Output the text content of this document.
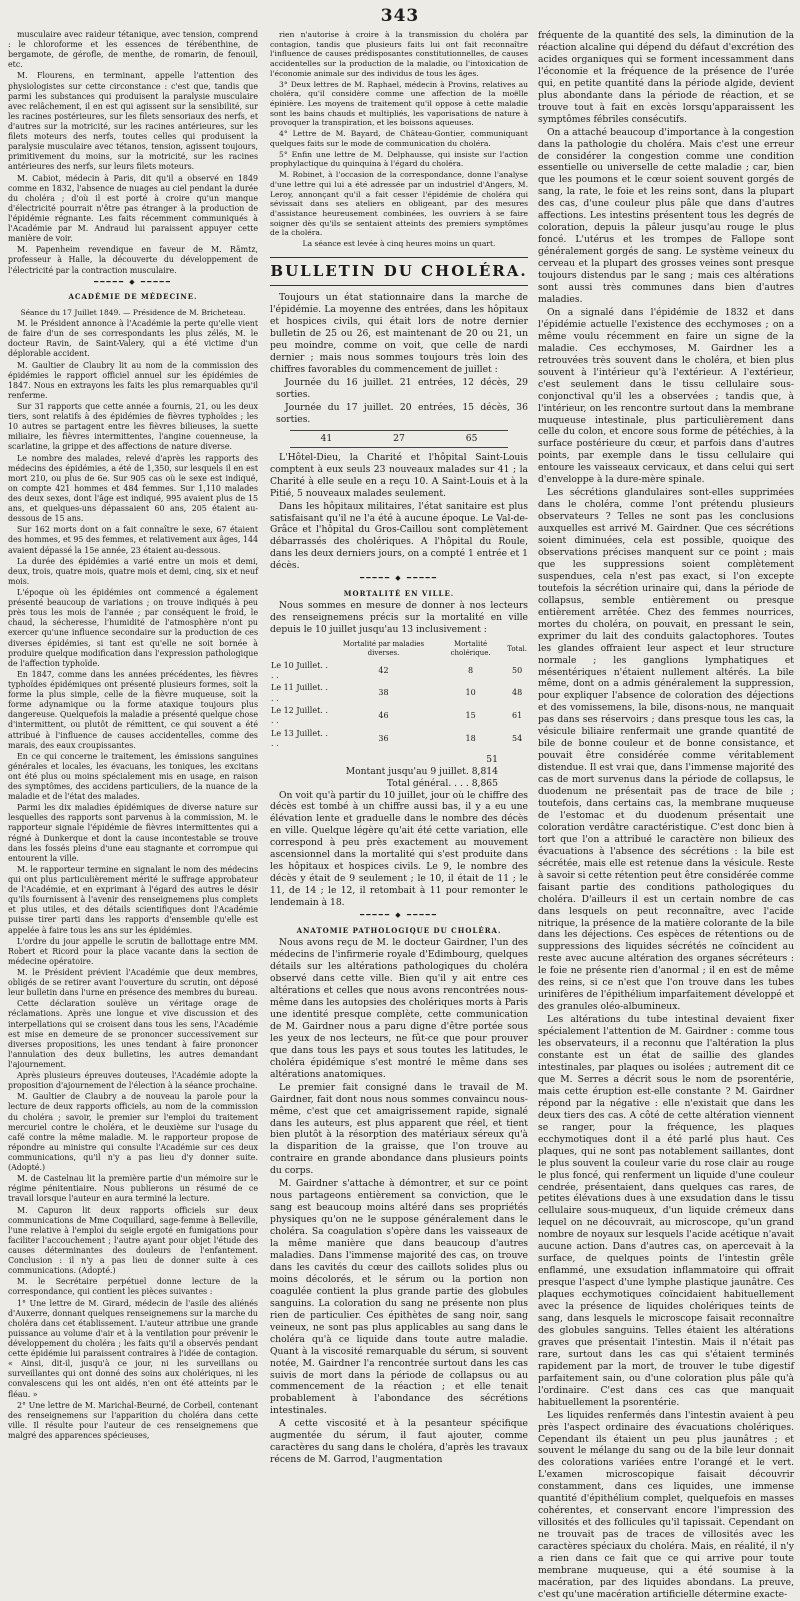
343

musculaire avec raideur tétanique, avec tension, comprend : le chloroforme et les essences de térébenthine, de bergamote, de gérofle, de menthe, de romarin, de fenouil, etc.

M. Flourens, en terminant, appelle l'attention des physiologistes sur cette circonstance : c'est que, tandis que parmi les substances qui produisent la paralysie musculaire avec relâchement, il en est qui agissent sur la sensibilité, sur les racines postérieures, sur les filets sensoriaux des nerfs, et d'autres sur la motricité, sur les racines antérieures, sur les filets moteurs des nerfs, toutes celles qui produisent la paralysie musculaire avec tétanos, tension, agissent toujours, primitivement du moins, sur la motricité, sur les racines antérieures des nerfs, sur leurs filets moteurs.

M. Cabiot, médecin à Paris, dit qu'il a observé en 1849 comme en 1832, l'absence de nuages au ciel pendant la durée du choléra ; d'où il est porté à croire qu'un manque d'électricité pourrait n'être pas étranger à la production de l'épidémie régnante. Les faits récemment communiqués à l'Académie par M. Andraud lui paraissent appuyer cette manière de voir.

M. Papenheim revendique en faveur de M. Rämtz, professeur à Halle, la découverte du développement de l'électricité par la contraction musculaire.

━━━━━ ◆ ━━━━━
ACADÉMIE DE MÉDECINE.
Séance du 17 Juillet 1849. — Présidence de M. Bricheteau.

M. le Président annonce à l'Académie la perte qu'elle vient de faire d'un de ses correspondants les plus zélés, M. le docteur Ravin, de Saint-Valery, qui a été victime d'un déplorable accident.

M. Gaultier de Claubry lit au nom de la commission des épidémies le rapport officiel annuel sur les épidémies de 1847. Nous en extrayons les faits les plus remarquables qu'il renferme.

Sur 31 rapports que cette année a fournis, 21, ou les deux tiers, sont relatifs à des épidémies de fièvres typhoïdes ; les 10 autres se partagent entre les fièvres bilieuses, la suette miliaire, les fièvres intermittentes, l'angine couenneuse, la scarlatine, la grippe et des affections de nature diverse.

Le nombre des malades, relevé d'après les rapports des médecins des épidémies, a été de 1,350, sur lesquels il en est mort 210, ou plus de 6e. Sur 905 cas où le sexe est indiqué, on compte 421 hommes et 484 femmes. Sur 1,110 malades des deux sexes, dont l'âge est indiqué, 995 avaient plus de 15 ans, et quelques-uns dépassaient 60 ans, 205 étaient au-dessous de 15 ans.

Sur 162 morts dont on a fait connaître le sexe, 67 étaient des hommes, et 95 des femmes, et relativement aux âges, 144 avaient dépassé la 15e année, 23 étaient au-dessous.

La durée des épidémies a varié entre un mois et demi, deux, trois, quatre mois, quatre mois et demi, cinq, six et neuf mois.

L'époque où les épidémies ont commencé a également présenté beaucoup de variations ; on trouve indiqués à peu près tous les mois de l'année ; par conséquent le froid, le chaud, la sécheresse, l'humidité de l'atmosphère n'ont pu exercer qu'une influence secondaire sur la production de ces diverses épidémies, si tant est qu'elle ne soit bornée à produire quelque modification dans l'expression pathologique de l'affection typhoïde.

En 1847, comme dans les années précédentes, les fièvres typhoïdes épidémiques ont présenté plusieurs formes, soit la forme la plus simple, celle de la fièvre muqueuse, soit la forme adynamique ou la forme ataxique toujours plus dangereuse. Quelquefois la maladie a présenté quelque chose d'intermittent, ou plutôt de rémittent, ce qui souvent a été attribué à l'influence de causes accidentelles, comme des marais, des eaux croupissantes.

En ce qui concerne le traitement, les émissions sanguines générales et locales, les évacuans, les toniques, les excitans ont été plus ou moins spécialement mis en usage, en raison des symptômes, des accidens particuliers, de la nuance de la maladie et de l'état des malades.

Parmi les dix maladies épidémiques de diverse nature sur lesquelles des rapports sont parvenus à la commission, M. le rapporteur signale l'épidémie de fièvres intermittentes qui a régné à Dunkerque et dont la cause incontestable se trouve dans les fossés pleins d'une eau stagnante et corrompue qui entourent la ville.

M. le rapporteur termine en signalant le nom des médecins qui ont plus particulièrement mérité le suffrage approbateur de l'Académie, et en exprimant à l'égard des autres le désir qu'ils fournissent à l'avenir des renseignemens plus complets et plus utiles, et des détails scientifiques dont l'Académie puisse tirer parti dans les rapports d'ensemble qu'elle est appelée à faire tous les ans sur les épidémies.

L'ordre du jour appelle le scrutin de ballottage entre MM. Robert et Ricord pour la place vacante dans la section de médecine opératoire.

M. le Président prévient l'Académie que deux membres, obligés de se retirer avant l'ouverture du scrutin, ont déposé leur bulletin dans l'urne en présence des membres du bureau.

Cette déclaration soulève un véritage orage de réclamations. Après une longue et vive discussion et des interpellations qui se croisent dans tous les sens, l'Académie est mise en demeure de se prononcer successivement sur diverses propositions, les unes tendant à faire prononcer l'annulation des deux bulletins, les autres demandant l'ajournement.

Après plusieurs épreuves douteuses, l'Académie adopte la proposition d'ajournement de l'élection à la séance prochaine.

M. Gaultier de Claubry a de nouveau la parole pour la lecture de deux rapports officiels, au nom de la commission du choléra ; savoir, le premier sur l'emploi du traitement mercuriel contre le choléra, et le deuxième sur l'usage du café contre la même maladie. M. le rapporteur propose de répondre au ministre qui consulte l'Académie sur ces deux communications, qu'il n'y a pas lieu d'y donner suite. (Adopté.)

M. de Castelnau lit la première partie d'un mémoire sur le régime pénitentiaire. Nous publierons un résumé de ce travail lorsque l'auteur en aura terminé la lecture.

M. Capuron lit deux rapports officiels sur deux communications de Mme Coquillard, sage-femme à Belleville, l'une relative à l'emploi du seigle ergoté en fumigations pour faciliter l'accouchement ; l'autre ayant pour objet l'étude des causes déterminantes des douleurs de l'enfantement. Conclusion : il n'y a pas lieu de donner suite à ces communications. (Adopté.)

M. le Secrétaire perpétuel donne lecture de la correspondance, qui contient les pièces suivantes :

1° Une lettre de M. Girard, médecin de l'asile des aliénés d'Auxerre, donnant quelques renseignemens sur la marche du choléra dans cet établissement. L'auteur attribue une grande puissance au volume d'air et à la ventilation pour prévenir le développement du choléra ; les faits qu'il a observés pendant cette épidémie lui paraissent contraires à l'idée de contagion. « Ainsi, dit-il, jusqu'à ce jour, ni les surveillans ou surveillantes qui ont donné des soins aux cholériques, ni les convalescens qui les ont aidés, n'en ont été atteints par le fléau. »

2° Une lettre de M. Marichal-Beurné, de Corbeil, contenant des renseignemens sur l'apparition du choléra dans cette ville. Il résulte pour l'auteur de ces renseignemens que malgré des apparences spécieuses,

rien n'autorise à croire à la transmission du choléra par contagion, tandis que plusieurs faits lui ont fait reconnaître l'influence de causes prédisposantes constitutionnelles, de causes accidentelles sur la production de la maladie, ou l'intoxication de l'économie animale sur des individus de tous les âges.

3° Deux lettres de M. Raphael, médecin à Provins, relatives au choléra, qu'il considère comme une affection de la moëlle épinière. Les moyens de traitement qu'il oppose à cette maladie sont les bains chauds et multipliés, les vaporisations de nature à provoquer la transpiration, et les boissons aqueuses.

4° Lettre de M. Bayard, de Château-Gontier, communiquant quelques faits sur le mode de communication du choléra.

5° Enfin une lettre de M. Delphausse, qui insiste sur l'action prophylactique du quinquina à l'égard du choléra.

M. Robinet, à l'occasion de la correspondance, donne l'analyse d'une lettre qui lui a été adressée par un industriel d'Angers, M. Leroy, annonçant qu'il a fait cesser l'épidémie de choléra qui sévissait dans ses ateliers en obligeant, par des mesures d'assistance heureusement combinées, les ouvriers à se faire soigner dès qu'ils se sentaient atteints des premiers symptômes de la choléra.

La séance est levée à cinq heures moins un quart.

BULLETIN DU CHOLÉRA.

Toujours un état stationnaire dans la marche de l'épidémie. La moyenne des entrées, dans les hôpitaux et hospices civils, qui était lors de notre dernier bulletin de 25 ou 26, est maintenant de 20 ou 21, un peu moindre, comme on voit, que celle de nardi dernier ; mais nous sommes toujours très loin des chiffres favorables du commencement de juillet :

Journée du 16 juillet. 21 entrées, 12 décès, 29 sorties.

Journée du 17 juillet. 20 entrées, 15 décès, 36 sorties.

41	27	65

L'Hôtel-Dieu, la Charité et l'hôpital Saint-Louis comptent à eux seuls 23 nouveaux malades sur 41 ; la Charité à elle seule en a reçu 10. A Saint-Louis et à la Pitié, 5 nouveaux malades seulement.

Dans les hôpitaux militaires, l'état sanitaire est plus satisfaisant qu'il ne l'a été à aucune époque. Le Val-de-Grâce et l'hôpital du Gros-Caillou sont complètement débarrassés des cholériques. A l'hôpital du Roule, dans les deux derniers jours, on a compté 1 entrée et 1 décès.

━━━━━ ◆ ━━━━━
MORTALITÉ EN VILLE.

Nous sommes en mesure de donner à nos lecteurs des renseignemens précis sur la mortalité en ville depuis le 10 juillet jusqu'au 13 inclusivement :

	Mortalité par maladies diverses.	Mortalité cholérique.	Total.
Le 10 Juillet. . . .	42	8	50
Le 11 Juillet. . . .	38	10	48
Le 12 Juillet. . . .	46	15	61
Le 13 Juillet. . . .	36	18	54
51
Montant jusqu'au 9 juillet. 8,814
Total général. . . . 8,865

On voit qu'à partir du 10 juillet, jour où le chiffre des décès est tombé à un chiffre aussi bas, il y a eu une élévation lente et graduelle dans le nombre des décès en ville. Quelque légère qu'ait été cette variation, elle correspond à peu près exactement au mouvement ascensionnel dans la mortalité qui s'est produite dans les hôpitaux et hospices civils. Le 9, le nombre des décès y était de 9 seulement ; le 10, il était de 11 ; le 11, de 14 ; le 12, il retombait à 11 pour remonter le lendemain à 18.

━━━━━ ◆ ━━━━━
ANATOMIE PATHOLOGIQUE DU CHOLÉRA.

Nous avons reçu de M. le docteur Gairdner, l'un des médecins de l'infirmerie royale d'Edimbourg, quelques détails sur les altérations pathologiques du choléra observé dans cette ville. Bien qu'il y ait entre ces altérations et celles que nous avons rencontrées nous-même dans les autopsies des cholériques morts à Paris une identité presque complète, cette communication de M. Gairdner nous a paru digne d'être portée sous les yeux de nos lecteurs, ne fût-ce que pour prouver que dans tous les pays et sous toutes les latitudes, le choléra épidémique s'est montré le même dans ses altérations anatomiques.

Le premier fait consigné dans le travail de M. Gairdner, fait dont nous nous sommes convaincu nous-même, c'est que cet amaigrissement rapide, signalé dans les auteurs, est plus apparent que réel, et tient bien plutôt à la résorption des matériaux séreux qu'à la disparition de la graisse, que l'on trouve au contraire en grande abondance dans plusieurs points du corps.

M. Gairdner s'attache à démontrer, et sur ce point nous partageons entièrement sa conviction, que le sang est beaucoup moins altéré dans ses propriétés physiques qu'on ne le suppose généralement dans le choléra. Sa coagulation s'opère dans les vaisseaux de la même manière que dans beaucoup d'autres maladies. Dans l'immense majorité des cas, on trouve dans les cavités du cœur des caillots solides plus ou moins décolorés, et le sérum ou la portion non coagulée contient la plus grande partie des globules sanguins. La coloration du sang ne présente non plus rien de particulier. Ces épithètes de sang noir, sang veineux, ne sont pas plus applicables au sang dans le choléra qu'à ce liquide dans toute autre maladie. Quant à la viscosité remarquable du sérum, si souvent notée, M. Gairdner l'a rencontrée surtout dans les cas suivis de mort dans la période de collapsus ou au commencement de la réaction ; et elle tenait probablement à l'abondance des sécrétions intestinales.

A cette viscosité et à la pesanteur spécifique augmentée du sérum, il faut ajouter, comme caractères du sang dans le choléra, d'après les travaux récens de M. Garrod, l'augmentation

fréquente de la quantité des sels, la diminution de la réaction alcaline qui dépend du défaut d'excrétion des acides organiques qui se forment incessamment dans l'économie et la fréquence de la présence de l'urée qui, en petite quantité dans la période algide, devient plus abondante dans la période de réaction, et se trouve tout à fait en excès lorsqu'apparaissent les symptômes fébriles consécutifs.

On a attaché beaucoup d'importance à la congestion dans la pathologie du choléra. Mais c'est une erreur de considérer la congestion comme une condition essentielle ou universelle de cette maladie ; car, bien que les poumons et le cœur soient souvent gorgés de sang, la rate, le foie et les reins sont, dans la plupart des cas, d'une couleur plus pâle que dans d'autres affections. Les intestins présentent tous les degrés de coloration, depuis la pâleur jusqu'au rouge le plus foncé. L'utérus et les trompes de Fallope sont généralement gorgés de sang. Le système veineux du cerveau et la plupart des grosses veines sont presque toujours distendus par le sang ; mais ces altérations sont aussi très communes dans bien d'autres maladies.

On a signalé dans l'épidémie de 1832 et dans l'épidémie actuelle l'existence des ecchymoses ; on a même voulu récemment en faire un signe de la maladie. Ces ecchymoses, M. Gairdner les a retrouvées très souvent dans le choléra, et bien plus souvent à l'intérieur qu'à l'extérieur. A l'extérieur, c'est seulement dans le tissu cellulaire sous-conjonctival qu'il les a observées ; tandis que, à l'intérieur, on les rencontre surtout dans la membrane muqueuse intestinale, plus particulièrement dans celle du colon, et encore sous forme de pétéchies, à la surface postérieure du cœur, et parfois dans d'autres points, par exemple dans le tissu cellulaire qui entoure les vaisseaux cervicaux, et dans celui qui sert d'enveloppe à la dure-mère spinale.

Les sécrétions glandulaires sont-elles supprimées dans le choléra, comme l'ont prétendu plusieurs observateurs ? Telles ne sont pas les conclusions auxquelles est arrivé M. Gairdner. Que ces sécrétions soient diminuées, cela est possible, quoique des observations précises manquent sur ce point ; mais que les suppressions soient complètement suspendues, cela n'est pas exact, si l'on excepte toutefois la sécrétion urinaire qui, dans la période de collapsus, semble entièrement ou presque entièrement arrêtée. Chez des femmes nourrices, mortes du choléra, on pouvait, en pressant le sein, exprimer du lait des conduits galactophores. Toutes les glandes offraient leur aspect et leur structure normale ; les ganglions lymphatiques et mésentériques n'étaient nullement altérés. La bile même, dont on a admis généralement la suppression, pour expliquer l'absence de coloration des déjections et des vomissemens, la bile, disons-nous, ne manquait pas dans ses réservoirs ; dans presque tous les cas, la vésicule biliaire renfermait une grande quantité de bile de bonne couleur et de bonne consistance, et pouvait être considérée comme véritablement distendue. Il est vrai que, dans l'immense majorité des cas de mort survenus dans la période de collapsus, le duodenum ne présentait pas de trace de bile ; toutefois, dans certains cas, la membrane muqueuse de l'estomac et du duodenum présentait une coloration verdâtre caractéristique. C'est donc bien à tort que l'on a attribué le caractère non bilieux des évacuations à l'absence des sécrétions : la bile est sécrétée, mais elle est retenue dans la vésicule. Reste à savoir si cette rétention peut être considérée comme faisant partie des conditions pathologiques du choléra. D'ailleurs il est un certain nombre de cas dans lesquels on peut reconnaître, avec l'acide nitrique, la présence de la matière colorante de la bile dans les déjections. Ces espèces de rétentions ou de suppressions des liquides sécrétés ne coïncident au reste avec aucune altération des organes sécréteurs : le foie ne présente rien d'anormal ; il en est de même des reins, si ce n'est que l'on trouve dans les tubes urinifères de l'épithélium imparfaitement développé et des granules oléo-albumineux.

Les altérations du tube intestinal devaient fixer spécialement l'attention de M. Gairdner : comme tous les observateurs, il a reconnu que l'altération la plus constante est un état de saillie des glandes intestinales, par plaques ou isolées ; autrement dit ce que M. Serres a décrit sous le nom de psorentérie, mais cette éruption est-elle constante ? M. Gairdner répond par la négative : elle n'existait que dans les deux tiers des cas. A côté de cette altération viennent se ranger, pour la fréquence, les plaques ecchymotiques dont il a été parlé plus haut. Ces plaques, qui ne sont pas notablement saillantes, dont le plus souvent la couleur varie du rose clair au rouge le plus foncé, qui renferment un liquide d'une couleur cendrée, présentaient, dans quelques cas rares, de petites élévations dues à une exsudation dans le tissu cellulaire sous-muqueux, d'un liquide crémeux dans lequel on ne découvrait, au microscope, qu'un grand nombre de noyaux sur lesquels l'acide acétique n'avait aucune action. Dans d'autres cas, on apercevait à la surface, de quelques points de l'intestin grêle enflammé, une exsudation inflammatoire qui offrait presque l'aspect d'une lymphe plastique jaunâtre. Ces plaques ecchymotiques coïncidaient habituellement avec la présence de liquides cholériques teints de sang, dans lesquels le microscope faisait reconnaître des globules sanguins. Telles étaient les altérations graves que présentait l'intestin. Mais il n'était pas rare, surtout dans les cas qui s'étaient terminés rapidement par la mort, de trouver le tube digestif parfaitement sain, ou d'une coloration plus pâle qu'à l'ordinaire. C'est dans ces cas que manquait habituellement la psorentérie.

Les liquides renfermés dans l'intestin avaient à peu près l'aspect ordinaire des évacuations cholériques. Cependant ils étaient un peu plus jaunâtres ; et souvent le mélange du sang ou de la bile leur donnait des colorations variées entre l'orangé et le vert. L'examen microscopique faisait découvrir constamment, dans ces liquides, une immense quantité d'épithélium complet, quelquefois en masses cohérentes, et conservant encore l'impression des villosités et des follicules qu'il tapissait. Cependant on ne trouvait pas de traces de villosités avec les caractères spéciaux du choléra. Mais, en réalité, il n'y a rien dans ce fait que ce qui arrive pour toute membrane muqueuse, qui a été soumise à la macération, par des liquides abondans. La preuve, c'est qu'une macération artificielle détermine exacte-
